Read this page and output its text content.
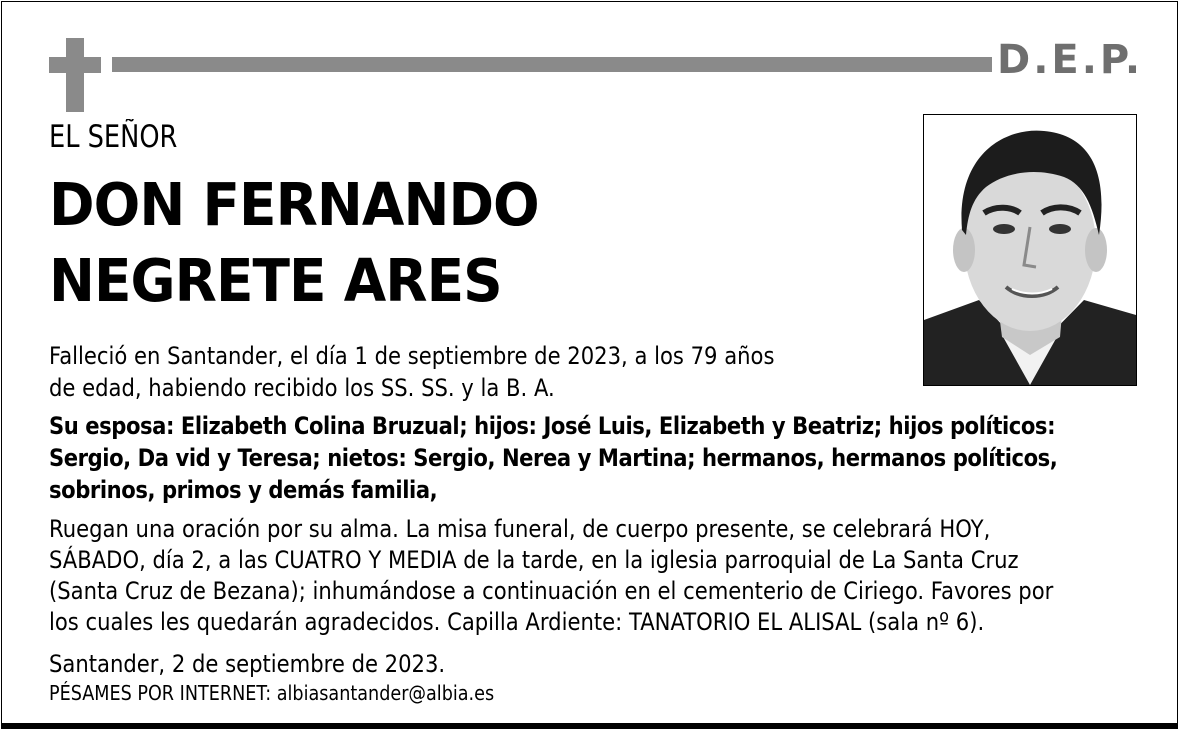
D.E.P.
EL SEÑOR
DON FERNANDO
NEGRETE ARES
Falleció en Santander, el día 1 de septiembre de 2023, a los 79 años
de edad, habiendo recibido los SS. SS. y la B. A.
Su esposa: Elizabeth Colina Bruzual; hijos: José Luis, Elizabeth y Beatriz; hijos políticos:
Sergio, Da vid y Teresa; nietos: Sergio, Nerea y Martina; hermanos, hermanos políticos,
sobrinos, primos y demás familia,
Ruegan una oración por su alma. La misa funeral, de cuerpo presente, se celebrará HOY,
SÁBADO, día 2, a las CUATRO Y MEDIA de la tarde, en la iglesia parroquial de La Santa Cruz
(Santa Cruz de Bezana); inhumándose a continuación en el cementerio de Ciriego. Favores por
los cuales les quedarán agradecidos. Capilla Ardiente: TANATORIO EL ALISAL (sala nº 6).
Santander, 2 de septiembre de 2023.
PÉSAMES POR INTERNET: albiasantander@albia.es
